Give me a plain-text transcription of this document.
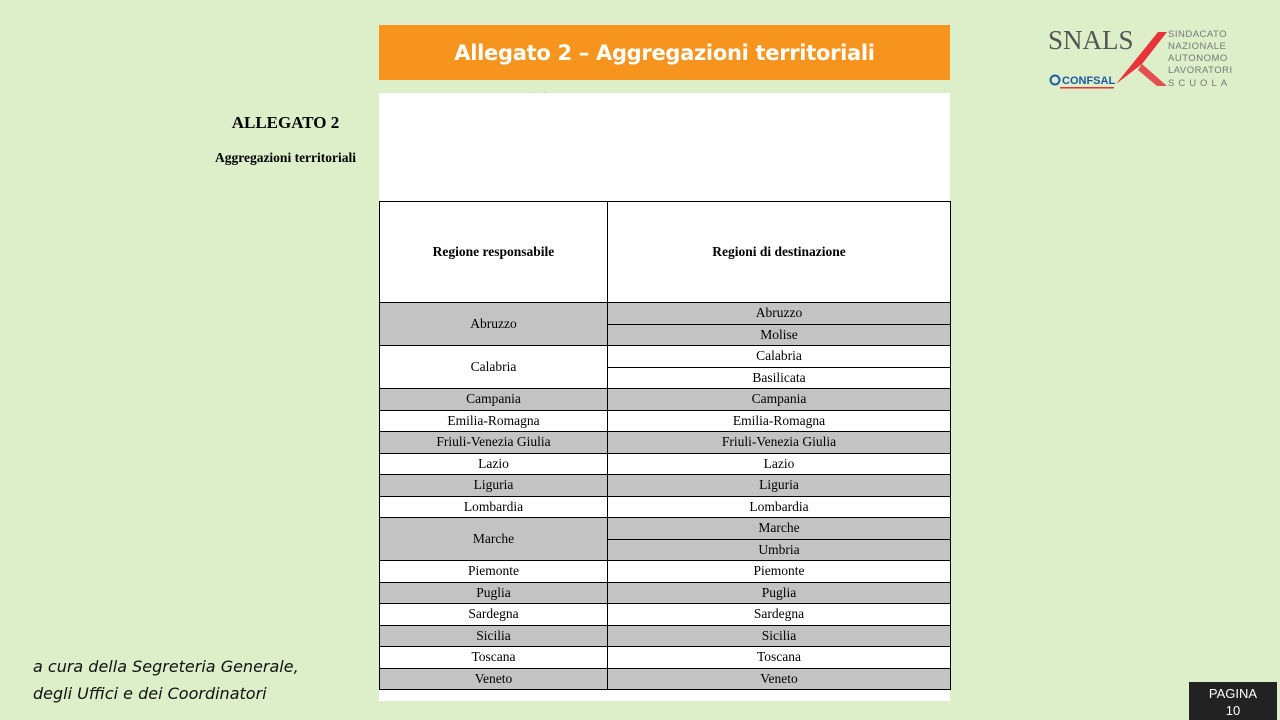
Allegato 2 – Aggregazioni territoriali	SNALS	SINDACATO
NAZIONALE
AUTONOMO
LAVORATORI
SCUOLA
CONFSAL
· ·
ALLEGATO 2
Aggregazioni territoriali
Regione responsabile	Regioni di destinazione
Abruzzo	Abruzzo
	Molise
Calabria	Calabria
	Basilicata
Campania	Campania
Emilia-Romagna	Emilia-Romagna
Friuli-Venezia Giulia	Friuli-Venezia Giulia
Lazio	Lazio
Liguria	Liguria
Lombardia	Lombardia
Marche	Marche
	Umbria
Piemonte	Piemonte
Puglia	Puglia
Sardegna	Sardegna
Sicilia	Sicilia
Toscana	Toscana
Veneto	Veneto
a cura della Segreteria Generale,
degli Uffici e dei Coordinatori	PAGINA
10
